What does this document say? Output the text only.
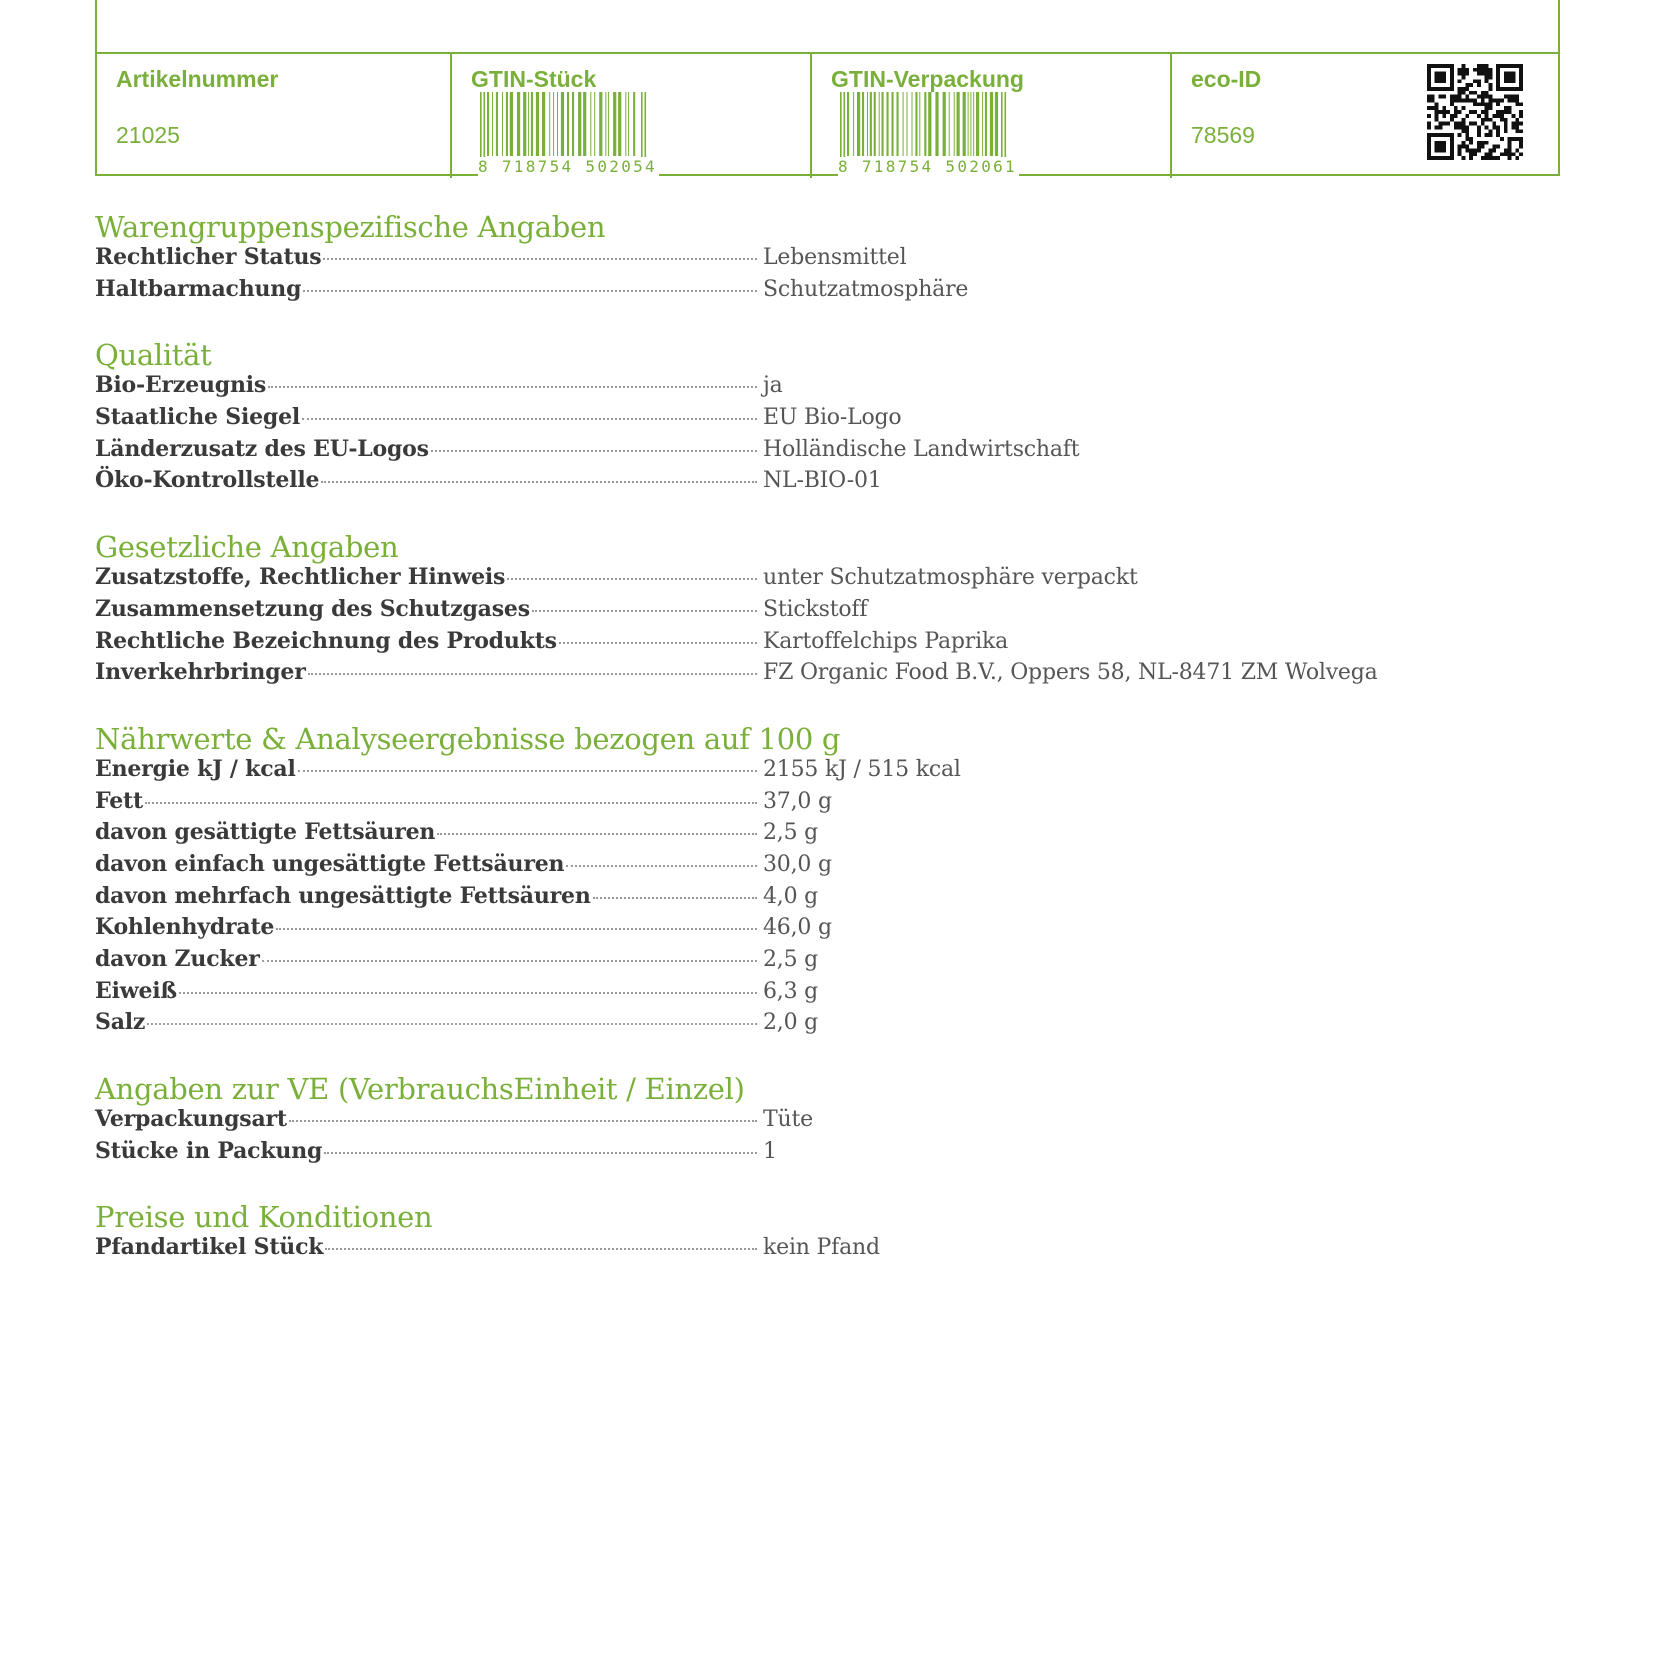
Artikelnummer
21025
GTIN-Stück
8 718754 502054
GTIN-Verpackung
8 718754 502061
eco-ID
78569
Warengruppenspezifische Angaben
Rechtlicher Status	Lebensmittel
Haltbarmachung	Schutzatmosphäre
Qualität
Bio-Erzeugnis	ja
Staatliche Siegel	EU Bio-Logo
Länderzusatz des EU-Logos	Holländische Landwirtschaft
Öko-Kontrollstelle	NL-BIO-01
Gesetzliche Angaben
Zusatzstoffe, Rechtlicher Hinweis	unter Schutzatmosphäre verpackt
Zusammensetzung des Schutzgases	Stickstoff
Rechtliche Bezeichnung des Produkts	Kartoffelchips Paprika
Inverkehrbringer	FZ Organic Food B.V., Oppers 58, NL-8471 ZM Wolvega
Nährwerte & Analyseergebnisse bezogen auf 100 g
Energie kJ / kcal	2155 kJ / 515 kcal
Fett	37,0 g
davon gesättigte Fettsäuren	2,5 g
davon einfach ungesättigte Fettsäuren	30,0 g
davon mehrfach ungesättigte Fettsäuren	4,0 g
Kohlenhydrate	46,0 g
davon Zucker	2,5 g
Eiweiß	6,3 g
Salz	2,0 g
Angaben zur VE (VerbrauchsEinheit / Einzel)
Verpackungsart	Tüte
Stücke in Packung	1
Preise und Konditionen
Pfandartikel Stück	kein Pfand
